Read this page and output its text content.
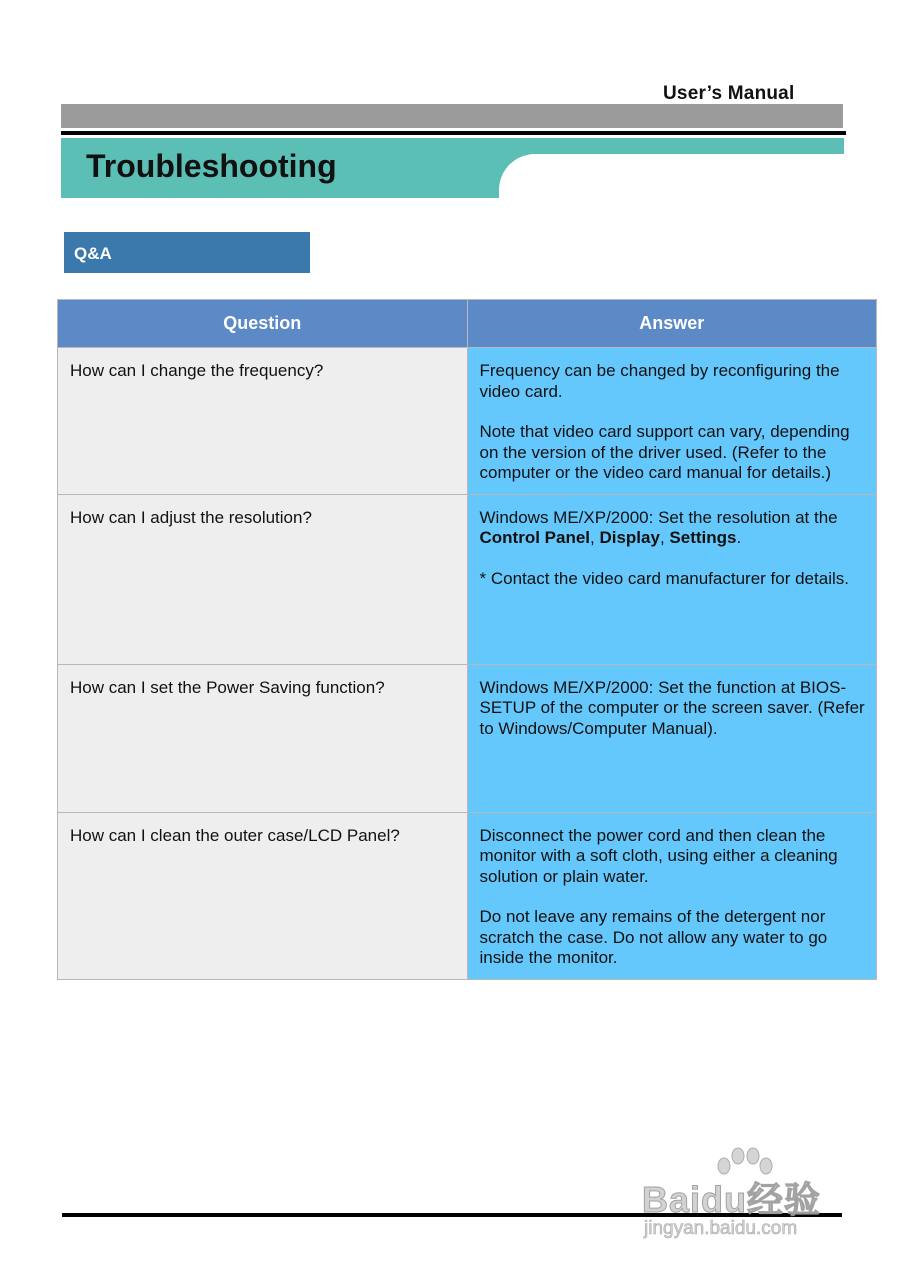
User’s Manual
Troubleshooting
Q&A
Question	Answer

How can I change the frequency?	Frequency can be changed by reconfiguring the video card.

Note that video card support can vary, depending on the version of the driver used. (Refer to the computer or the video card manual for details.)

How can I adjust the resolution?	Windows ME/XP/2000: Set the resolution at the
Control Panel, Display, Settings.

* Contact the video card manufacturer for details.

How can I set the Power Saving function?	Windows ME/XP/2000: Set the function at BIOS-SETUP of the computer or the screen saver. (Refer to Windows/Computer Manual).

How can I clean the outer case/LCD Panel?	Disconnect the power cord and then clean the monitor with a soft cloth, using either a cleaning solution or plain water.

Do not leave any remains of the detergent nor scratch the case. Do not allow any water to go inside the monitor.

Baidu经验
jingyan.baidu.com
